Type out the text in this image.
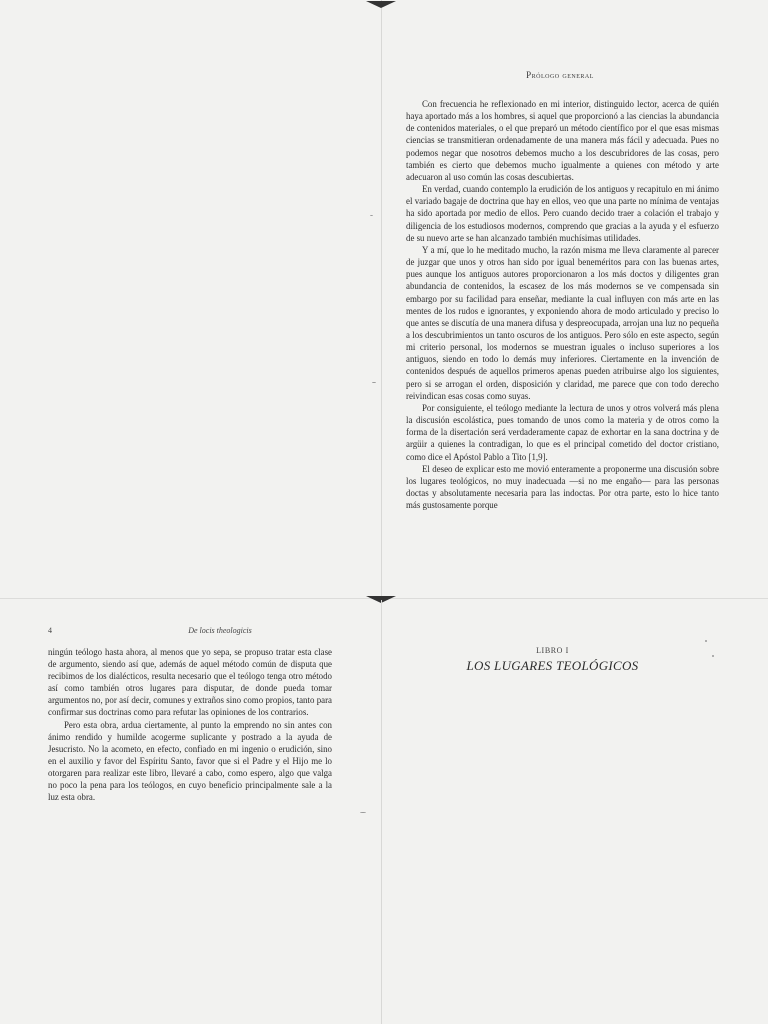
Prólogo general

Con frecuencia he reflexionado en mi interior, distinguido lector, acerca de quién haya aportado más a los hombres, si aquel que proporcionó a las ciencias la abundancia de contenidos materiales, o el que preparó un método científico por el que esas mismas ciencias se transmitieran ordenadamente de una manera más fácil y adecuada. Pues no podemos negar que nosotros debemos mucho a los descubridores de las cosas, pero también es cierto que debemos mucho igualmente a quienes con método y arte adecuaron al uso común las cosas descubiertas.

En verdad, cuando contemplo la erudición de los antiguos y recapitulo en mi ánimo el variado bagaje de doctrina que hay en ellos, veo que una parte no mínima de ventajas ha sido aportada por medio de ellos. Pero cuando decido traer a colación el trabajo y diligencia de los estudiosos modernos, comprendo que gracias a la ayuda y el esfuerzo de su nuevo arte se han alcanzado también muchísimas utilidades.

Y a mí, que lo he meditado mucho, la razón misma me lleva claramente al parecer de juzgar que unos y otros han sido por igual beneméritos para con las buenas artes, pues aunque los antiguos autores proporcionaron a los más doctos y diligentes gran abundancia de contenidos, la escasez de los más modernos se ve compensada sin embargo por su facilidad para enseñar, mediante la cual influyen con más arte en las mentes de los rudos e ignorantes, y exponiendo ahora de modo articulado y preciso lo que antes se discutía de una manera difusa y despreocupada, arrojan una luz no pequeña a los descubrimientos un tanto oscuros de los antiguos. Pero sólo en este aspecto, según mi criterio personal, los modernos se muestran iguales o incluso superiores a los antiguos, siendo en todo lo demás muy inferiores. Ciertamente en la invención de contenidos después de aquellos primeros apenas pueden atribuirse algo los siguientes, pero si se arrogan el orden, disposición y claridad, me parece que con todo derecho reivindican esas cosas como suyas.

Por consiguiente, el teólogo mediante la lectura de unos y otros volverá más plena la discusión escolástica, pues tomando de unos como la materia y de otros como la forma de la disertación será verdaderamente capaz de exhortar en la sana doctrina y de argüir a quienes la contradigan, lo que es el principal cometido del doctor cristiano, como dice el Apóstol Pablo a Tito [1,9].

El deseo de explicar esto me movió enteramente a proponerme una discusión sobre los lugares teológicos, no muy inadecuada —si no me engaño— para las personas doctas y absolutamente necesaria para las indoctas. Por otra parte, esto lo hice tanto más gustosamente porque

4	De locis theologicis

ningún teólogo hasta ahora, al menos que yo sepa, se propuso tratar esta clase de argumento, siendo así que, además de aquel método común de disputa que recibimos de los dialécticos, resulta necesario que el teólogo tenga otro método así como también otros lugares para disputar, de donde pueda tomar argumentos no, por así decir, comunes y extraños sino como propios, tanto para confirmar sus doctrinas como para refutar las opiniones de los contrarios.

Pero esta obra, ardua ciertamente, al punto la emprendo no sin antes con ánimo rendido y humilde acogerme suplicante y postrado a la ayuda de Jesucristo. No la acometo, en efecto, confiado en mi ingenio o erudición, sino en el auxilio y favor del Espíritu Santo, favor que si el Padre y el Hijo me lo otorgaren para realizar este libro, llevaré a cabo, como espero, algo que valga no poco la pena para los teólogos, en cuyo beneficio principalmente sale a la luz esta obra.

LIBRO I
LOS LUGARES TEOLÓGICOS
